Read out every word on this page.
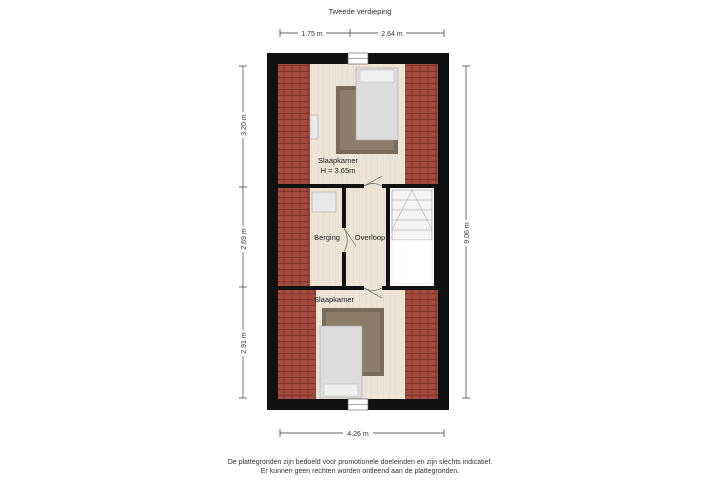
Tweede verdieping
1.75 m	2.64 m
3.20 m
2.69 m
2.91 m
9.06 m
4.26 m
Slaapkamer
H = 3.65m
Berging Overloop
Slaapkamer
De plattegronden zijn bedoeld voor promotionele doeleinden en zijn slechts indicatief.
Er kunnen geen rechten worden ontleend aan de plattegronden.
